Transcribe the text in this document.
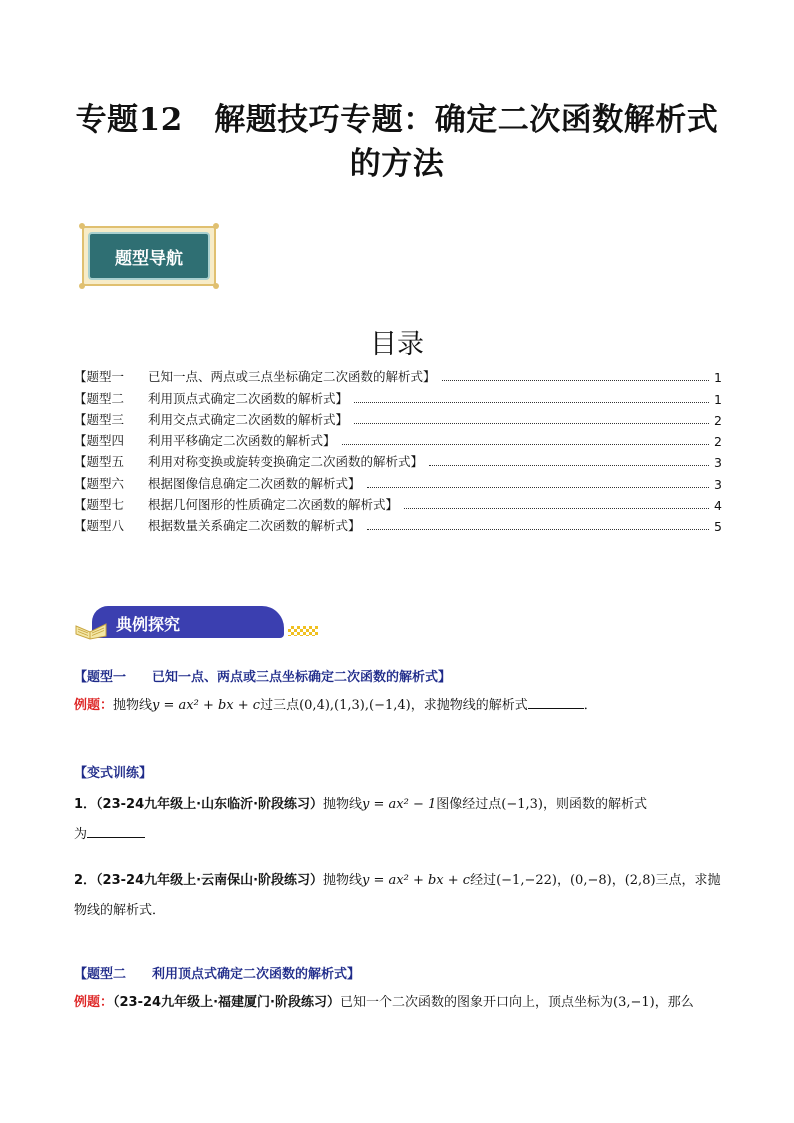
专题12　解题技巧专题：确定二次函数解析式
的方法
题型导航
目录
【题型一 已知一点、两点或三点坐标确定二次函数的解析式】	1
【题型二 利用顶点式确定二次函数的解析式】	1
【题型三 利用交点式确定二次函数的解析式】	2
【题型四 利用平移确定二次函数的解析式】	2
【题型五 利用对称变换或旋转变换确定二次函数的解析式】	3
【题型六 根据图像信息确定二次函数的解析式】	3
【题型七 根据几何图形的性质确定二次函数的解析式】	4
【题型八 根据数量关系确定二次函数的解析式】	5
典例探究
【题型一　　已知一点、两点或三点坐标确定二次函数的解析式】
例题：抛物线y = ax² + bx + c过三点(0,4),(1,3),(−1,4)，求抛物线的解析式	．
【变式训练】
1．（23-24九年级上·山东临沂·阶段练习）抛物线y = ax² − 1图像经过点(−1,3)，则函数的解析式
为
2．（23-24九年级上·云南保山·阶段练习）抛物线y = ax² + bx + c经过(−1,−22)，(0,−8)，(2,8)三点，求抛
物线的解析式．
【题型二　　利用顶点式确定二次函数的解析式】
例题：（23-24九年级上·福建厦门·阶段练习）已知一个二次函数的图象开口向上，顶点坐标为(3,−1)，那么
